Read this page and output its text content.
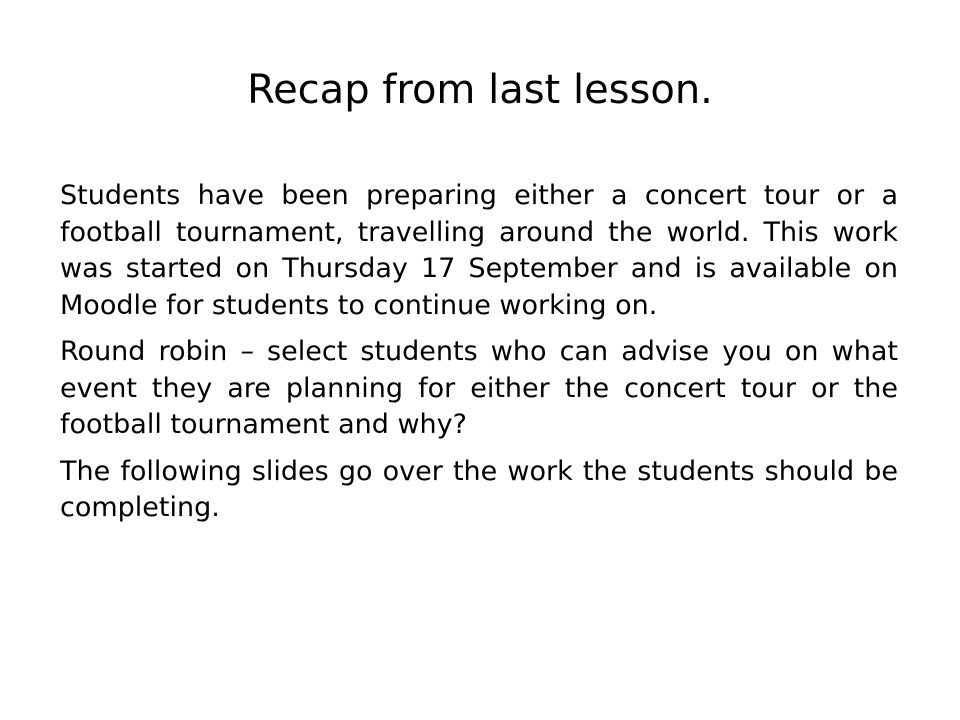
Recap from last lesson.

Students have been preparing either a concert tour or a football tournament, travelling around the world. This work was started on Thursday 17 September and is available on Moodle for students to continue working on.

Round robin – select students who can advise you on what event they are planning for either the concert tour or the football tournament and why?

The following slides go over the work the students should be completing.
